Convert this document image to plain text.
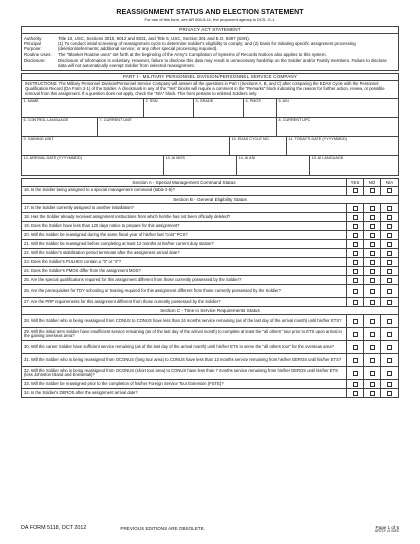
REASSIGNMENT STATUS AND ELECTION STATEMENT
For use of this form, see AR 600-8-11; the proponent agency is DCS, G-1.
PRIVACY ACT STATEMENT
Authority:	Title 10, USC, Sections 3010, 8012 and 5031, and Title 5, USC, Section 301 and E.O. 9397 (SSN).
Principal Purpose:
(1) To conduct initial screening of reassignment cycle to determine Soldier's eligibility to comply; and (2) basis for initiating specific assignment processing (deletion/deferments; additional service; or any other special processing required).
Routine Uses:	The "Blanket Routine uses" set forth at the beginning of the Army's Compilation of Systems of Records Notices also applies to this system.
Disclosure:	Disclosure of information is voluntary. However, failure to disclose this data may result in unnecessary hardship on the Soldier and/or Family members. Failure to disclose data will not automatically exempt Soldier from selected reassignment.
PART I - MILITARY PERSONNEL DIVISION/PERSONNEL SERVICE COMPANY
INSTRUCTIONS: The Military Personnel Division/Personnel Service Company will answer all the questions in Part I (Sections A, B, and C) after comparing the EDAS Cycle with the Personnel Qualification Record (DA Form 2-1) of the Soldier. A checkmark in any of the "Yes" blocks will require a comment in the "Remarks" block indicating the reason for further action, review, or possible removal from this assignment. If a question does not apply, check the "N/A" block. This form pertains to enlisted Soldiers only.
1. NAME	2. SSN	3. GRADE	4. PMOS	5. ASI
6. CONTROL LANGUAGE	7. CURRENT UNIT	8. CURRENT UPC
9. GAINING UNIT	10. EDAS CYCLE NO.	11. TODAY'S DATE (YYYYMMDD)
12. ARRIVAL DATE (YYYYMMDD)	13. AI MOS	14. AI ASI	15. AI LANGUAGE
Section A - Special Management Command Status	YES	NO	N/A
16. Is the Soldier being assigned to a special management command (table 2-5)?
Section B - General Eligibility Status
17. Is the Soldier currently assigned to another installation?
18. Has the Soldier already received assignment instructions from which he/she has not been officially deleted?
19. Does the Soldier have less than 120 days notice to prepare for this assignment?
20. Will the Soldier be reassigned during the same fiscal year of his/her last "cost" PCS?
21. Will the Soldier be reassigned before completing at least 12 months at his/her current duty station?
22. Will the Soldier's stabilization period terminate after the assignment arrival date?
23. Does the Soldier's PULHES contain a "3" or "4"?
24. Does the Soldier's PMOS differ from the assignment MOS?
25. Are the special qualifications required for this assignment different from those currently possessed by the Soldier?
26. Are the prerequisites for TDY schooling or training required for this assignment different from those currently possessed by the Soldier?
27. Are the PRP requirements for this assignment different from those currently possessed by the Soldier?
Section C - Time in Service Requirements Status
28. Will the Soldier who is being reassigned from CONUS to CONUS have less than 24 months service remaining (as of the last day of the arrival month) until his/her ETS?
29. Will the initial term Soldier have insufficient service remaining (as of the last day of the arrival month) to complete at least the "all others" tour prior to ETS upon arrival in the gaining overseas area?
30. Will the career Soldier have sufficient service remaining (as of the last day of the arrival month) until his/her ETS to serve the "all others tour" for the overseas area?
31. Will the Soldier who is being reassigned from OCONUS (long tour area) to CONUS have less than 13 months service remaining from his/her DEROS until his/her ETS?
32. Will the Soldier who is being reassigned from OCONUS (short tour area) to CONUS have less than 7 months service remaining from his/her DEROS until his/her ETS (less Johnston Island and Enewetak)?
33. Will the Soldier be reassigned prior to the completion of his/her Foreign Service Tour Extension (FSTE)?
34. Is the Soldier's DEROS after the assignment arrival date?
DA FORM 5118, OCT 2012	PREVIOUS EDITIONS ARE OBSOLETE.	Page 1 of 5
APD LF v1.00ES
